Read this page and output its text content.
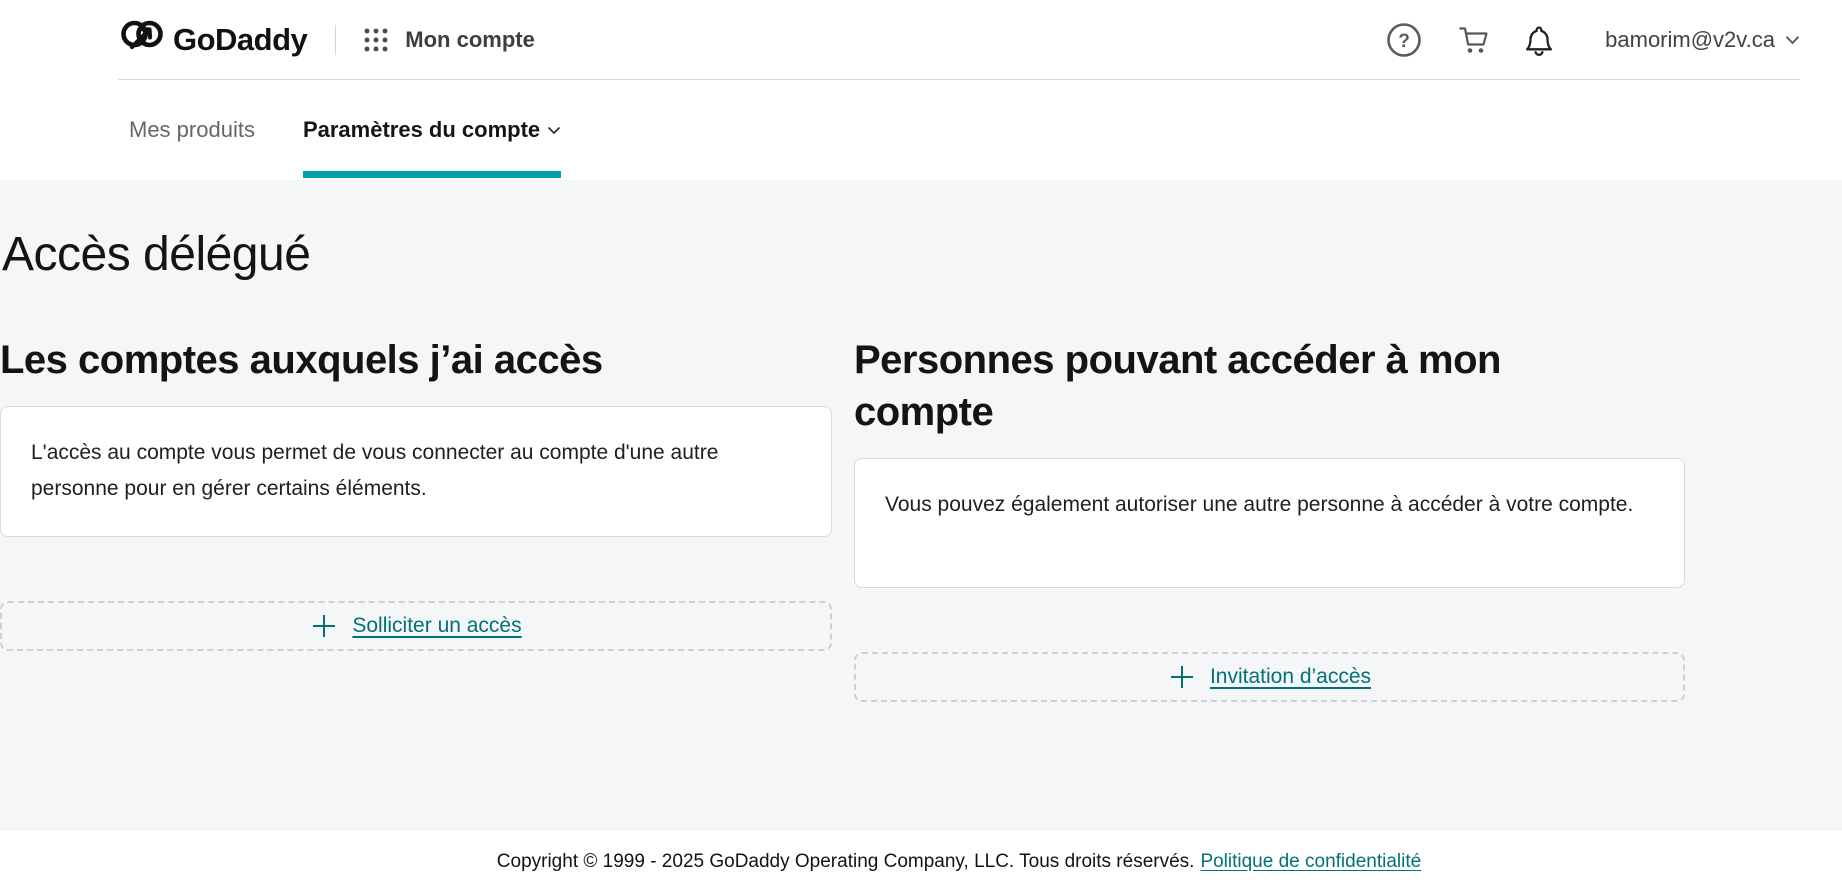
GoDaddy	Mon compte	?	bamorim@v2v.ca
Mes produits Paramètres du compte
Accès délégué
Les comptes auxquels j’ai accès

L'accès au compte vous permet de vous connecter au compte d'une autre personne pour en gérer certains éléments.

Solliciter un accès
Personnes pouvant accéder à mon compte

Vous pouvez également autoriser une autre personne à accéder à votre compte.

Invitation d’accès
Copyright © 1999 - 2025 GoDaddy Operating Company, LLC. Tous droits réservés. Politique de confidentialité
